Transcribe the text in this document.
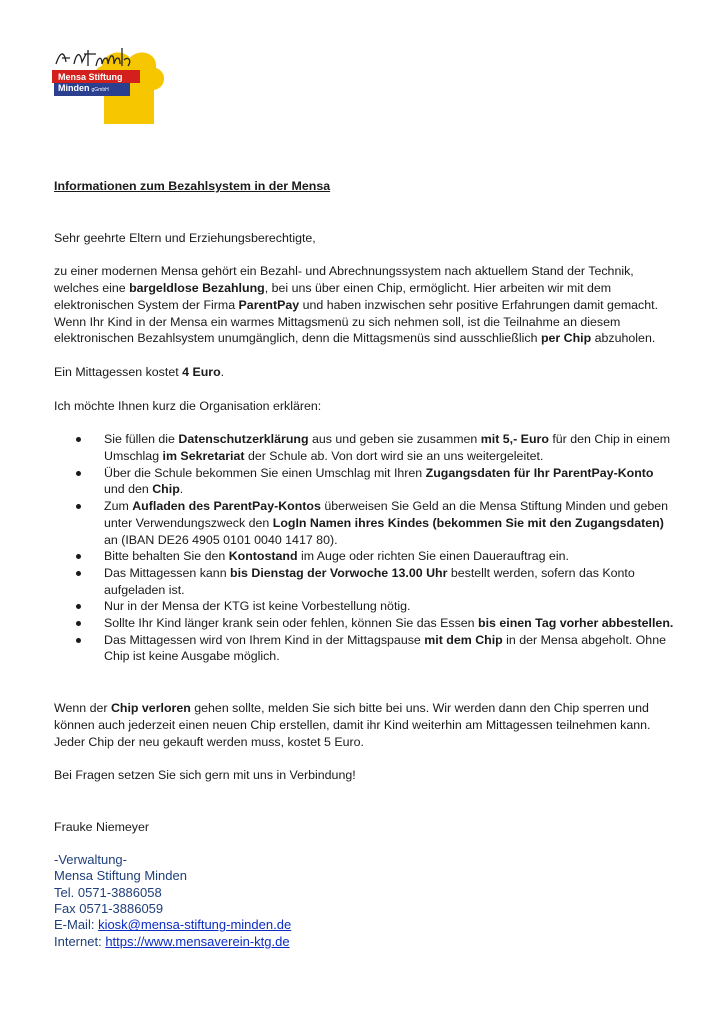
Mensa Stiftung
Minden gGmbH

Informationen zum Bezahlsystem in der Mensa

Sehr geehrte Eltern und Erziehungsberechtigte,

zu einer modernen Mensa gehört ein Bezahl- und Abrechnungssystem nach aktuellem Stand der Technik, welches eine bargeldlose Bezahlung, bei uns über einen Chip, ermöglicht. Hier arbeiten wir mit dem elektronischen System der Firma ParentPay und haben inzwischen sehr positive Erfahrungen damit gemacht. Wenn Ihr Kind in der Mensa ein warmes Mittagsmenü zu sich nehmen soll, ist die Teilnahme an diesem elektronischen Bezahlsystem unumgänglich, denn die Mittagsmenüs sind ausschließlich per Chip abzuholen.

Ein Mittagessen kostet 4 Euro.

Ich möchte Ihnen kurz die Organisation erklären:

Sie füllen die Datenschutzerklärung aus und geben sie zusammen mit 5,- Euro für den Chip in einem Umschlag im Sekretariat der Schule ab. Von dort wird sie an uns weitergeleitet.
Über die Schule bekommen Sie einen Umschlag mit Ihren Zugangsdaten für Ihr ParentPay-Konto und den Chip.
Zum Aufladen des ParentPay-Kontos überweisen Sie Geld an die Mensa Stiftung Minden und geben unter Verwendungszweck den LogIn Namen ihres Kindes (bekommen Sie mit den Zugangsdaten) an (IBAN DE26 4905 0101 0040 1417 80).
Bitte behalten Sie den Kontostand im Auge oder richten Sie einen Dauerauftrag ein.
Das Mittagessen kann bis Dienstag der Vorwoche 13.00 Uhr bestellt werden, sofern das Konto aufgeladen ist.
Nur in der Mensa der KTG ist keine Vorbestellung nötig.
Sollte Ihr Kind länger krank sein oder fehlen, können Sie das Essen bis einen Tag vorher abbestellen.
Das Mittagessen wird von Ihrem Kind in der Mittagspause mit dem Chip in der Mensa abgeholt. Ohne Chip ist keine Ausgabe möglich.

Wenn der Chip verloren gehen sollte, melden Sie sich bitte bei uns. Wir werden dann den Chip sperren und können auch jederzeit einen neuen Chip erstellen, damit ihr Kind weiterhin am Mittagessen teilnehmen kann. Jeder Chip der neu gekauft werden muss, kostet 5 Euro.

Bei Fragen setzen Sie sich gern mit uns in Verbindung!

Frauke Niemeyer

-Verwaltung-
Mensa Stiftung Minden
Tel. 0571-3886058
Fax 0571-3886059
E-Mail: kiosk@mensa-stiftung-minden.de
Internet: https://www.mensaverein-ktg.de
